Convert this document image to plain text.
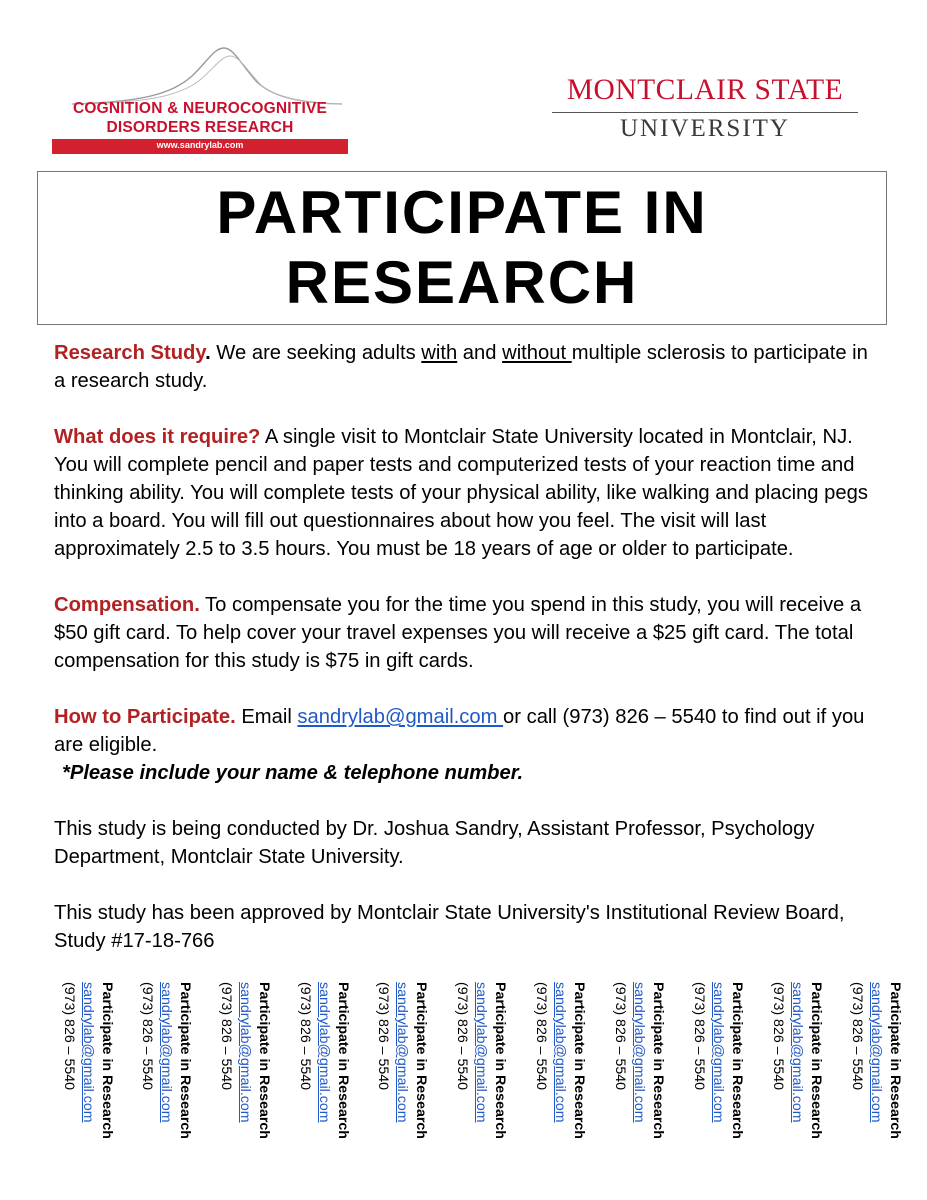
COGNITION & NEUROCOGNITIVE
DISORDERS RESEARCH
www.sandrylab.com
MONTCLAIR STATE
UNIVERSITY
PARTICIPATE IN
RESEARCH

Research Study. We are seeking adults with and without multiple sclerosis to participate in a research study.

What does it require? A single visit to Montclair State University located in Montclair, NJ. You will complete pencil and paper tests and computerized tests of your reaction time and thinking ability. You will complete tests of your physical ability, like walking and placing pegs into a board. You will fill out questionnaires about how you feel. The visit will last approximately 2.5 to 3.5 hours. You must be 18 years of age or older to participate.

Compensation. To compensate you for the time you spend in this study, you will receive a $50 gift card. To help cover your travel expenses you will receive a $25 gift card. The total compensation for this study is $75 in gift cards.

How to Participate. Email sandrylab@gmail.com or call (973) 826 – 5540 to find out if you are eligible.

*Please include your name & telephone number.

This study is being conducted by Dr. Joshua Sandry, Assistant Professor, Psychology Department, Montclair State University.

This study has been approved by Montclair State University's Institutional Review Board, Study #17-18-766

Participate in Research
sandrylab@gmail.com
(973) 826 – 5540	Participate in Research
sandrylab@gmail.com
(973) 826 – 5540	Participate in Research
sandrylab@gmail.com
(973) 826 – 5540	Participate in Research
sandrylab@gmail.com
(973) 826 – 5540	Participate in Research
sandrylab@gmail.com
(973) 826 – 5540	Participate in Research
sandrylab@gmail.com
(973) 826 – 5540	Participate in Research
sandrylab@gmail.com
(973) 826 – 5540	Participate in Research
sandrylab@gmail.com
(973) 826 – 5540	Participate in Research
sandrylab@gmail.com
(973) 826 – 5540	Participate in Research
sandrylab@gmail.com
(973) 826 – 5540	Participate in Research
sandrylab@gmail.com
(973) 826 – 5540
